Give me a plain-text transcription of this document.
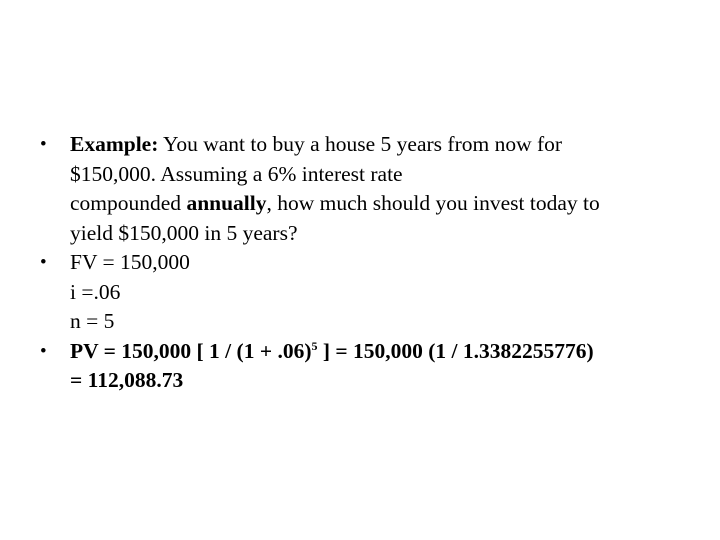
•	Example: You want to buy a house 5 years from now for
$150,000. Assuming a 6% interest rate
compounded annually, how much should you invest today to
yield $150,000 in 5 years?
•	FV = 150,000
i =.06
n = 5
•	PV = 150,000 [ $1 / (1 + .06)^5$ ] = 150,000 (1 / 1.3382255776)
= 112,088.73
